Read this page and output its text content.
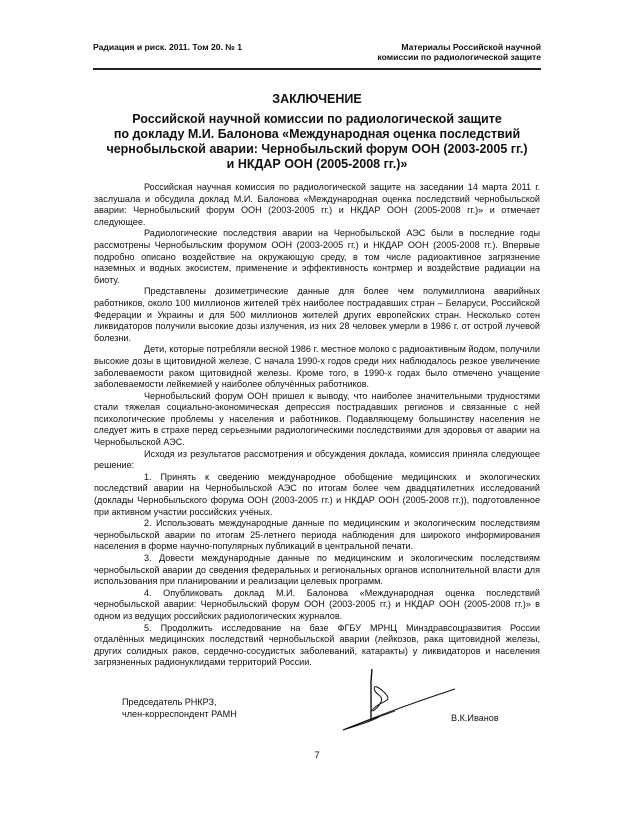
Радиация и риск. 2011. Том 20. № 1	Материалы Российской научной
комиссии по радиологической защите
ЗАКЛЮЧЕНИЕ
Российской научной комиссии по радиологической защите
по докладу М.И. Балонова «Международная оценка последствий
чернобыльской аварии: Чернобыльский форум ООН (2003-2005 гг.)
и НКДАР ООН (2005-2008 гг.)»

Российская научная комиссия по радиологической защите на заседании 14 марта 2011 г. заслушала и обсудила доклад М.И. Балонова «Международная оценка последствий чернобыльской аварии: Чернобыльский форум ООН (2003-2005 гг.) и НКДАР ООН (2005-2008 гг.)» и отмечает следующее.

Радиологические последствия аварии на Чернобыльской АЭС были в последние годы рассмотрены Чернобыльским форумом ООН (2003-2005 гг.) и НКДАР ООН (2005-2008 гг.). Впервые подробно описано воздействие на окружающую среду, в том числе радиоактивное загрязнение наземных и водных экосистем, применение и эффективность контрмер и воздействие радиации на биоту.

Представлены дозиметрические данные для более чем полумиллиона аварийных работников, около 100 миллионов жителей трёх наиболее пострадавших стран – Беларуси, Российской Федерации и Украины и для 500 миллионов жителей других европейских стран. Несколько сотен ликвидаторов получили высокие дозы излучения, из них 28 человек умерли в 1986 г. от острой лучевой болезни.

Дети, которые потребляли весной 1986 г. местное молоко с радиоактивным йодом, получили высокие дозы в щитовидной железе. С начала 1990-х годов среди них наблюдалось резкое увеличение заболеваемости раком щитовидной железы. Кроме того, в 1990-х годах было отмечено учащение заболеваемости лейкемией у наиболее облучённых работников.

Чернобыльский форум ООН пришел к выводу, что наиболее значительными трудностями стали тяжелая социально-экономическая депрессия пострадавших регионов и связанные с ней психологические проблемы у населения и работников. Подавляющему большинству населения не следует жить в страхе перед серьезными радиологическими последствиями для здоровья от аварии на Чернобыльской АЭС.

Исходя из результатов рассмотрения и обсуждения доклада, комиссия приняла следующее решение:

1. Принять к сведению международное обобщение медицинских и экологических последствий аварии на Чернобыльской АЭС по итогам более чем двадцатилетних исследований (доклады Чернобыльского форума ООН (2003-2005 гг.) и НКДАР ООН (2005-2008 гг.)), подготовленное при активном участии российских учёных.

2. Использовать международные данные по медицинским и экологическим последствиям чернобыльской аварии по итогам 25-летнего периода наблюдения для широкого информирования населения в форме научно-популярных публикаций в центральной печати.

3. Довести международные данные по медицинским и экологическим последствиям чернобыльской аварии до сведения федеральных и региональных органов исполнительной власти для использования при планировании и реализации целевых программ.

4. Опубликовать доклад М.И. Балонова «Международная оценка последствий чернобыльской аварии: Чернобыльский форум ООН (2003-2005 гг.) и НКДАР ООН (2005-2008 гг.)» в одном из ведущих российских радиологических журналов.

5. Продолжить исследование на базе ФГБУ МРНЦ Минздравсоцразвития России отдалённых медицинских последствий чернобыльской аварии (лейкозов, рака щитовидной железы, других солидных раков, сердечно-сосудистых заболеваний, катаракты) у ликвидаторов и населения загрязненных радионуклидами территорий России.

Председатель РНКРЗ,
член-корреспондент РАМН	В.К.Иванов
7
